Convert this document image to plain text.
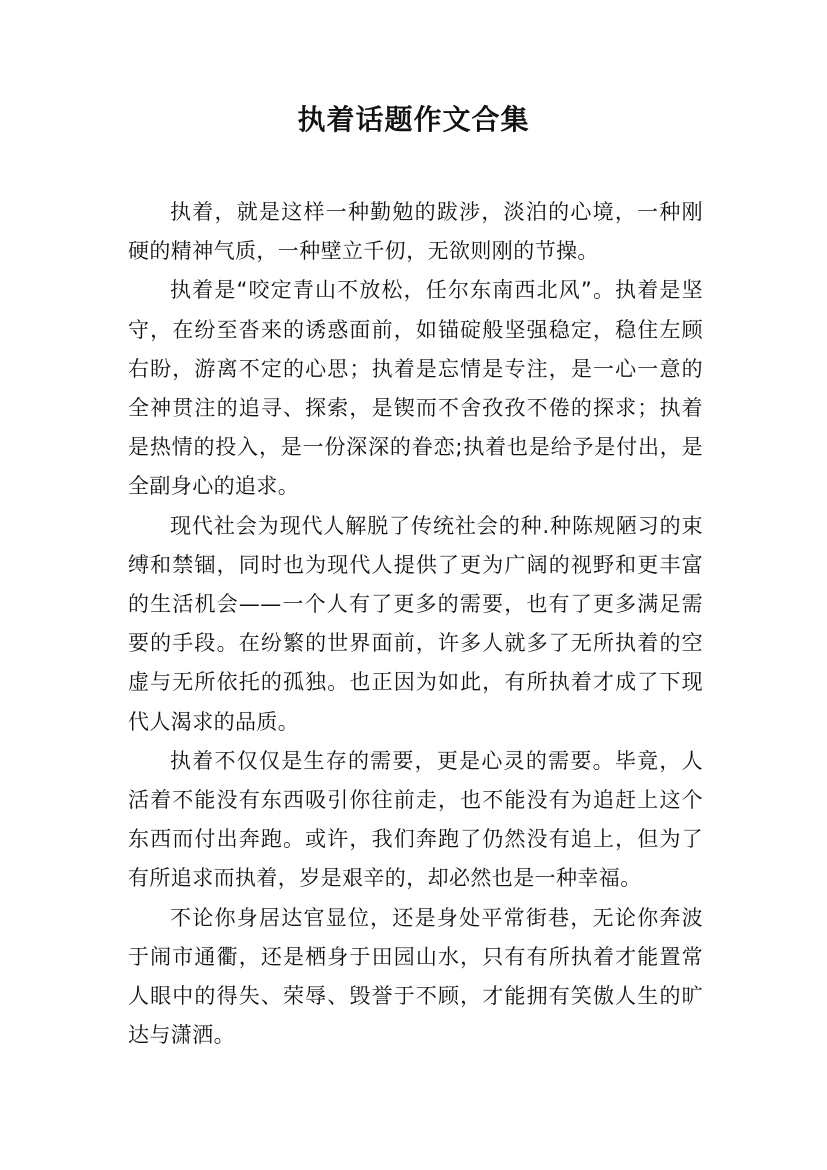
执着话题作文合集

执着，就是这样一种勤勉的跋涉，淡泊的心境，一种刚硬的精神气质，一种壁立千仞，无欲则刚的节操。

执着是“咬定青山不放松，任尔东南西北风”。执着是坚守，在纷至沓来的诱惑面前，如锚碇般坚强稳定，稳住左顾右盼，游离不定的心思；执着是忘情是专注，是一心一意的全神贯注的追寻、探索，是锲而不舍孜孜不倦的探求；执着是热情的投入，是一份深深的眷恋;执着也是给予是付出，是全副身心的追求。

现代社会为现代人解脱了传统社会的种.种陈规陋习的束缚和禁锢，同时也为现代人提供了更为广阔的视野和更丰富的生活机会——一个人有了更多的需要，也有了更多满足需要的手段。在纷繁的世界面前，许多人就多了无所执着的空虚与无所依托的孤独。也正因为如此，有所执着才成了下现代人渴求的品质。

执着不仅仅是生存的需要，更是心灵的需要。毕竟，人活着不能没有东西吸引你往前走，也不能没有为追赶上这个东西而付出奔跑。或许，我们奔跑了仍然没有追上，但为了有所追求而执着，岁是艰辛的，却必然也是一种幸福。

不论你身居达官显位，还是身处平常街巷，无论你奔波于闹市通衢，还是栖身于田园山水，只有有所执着才能置常人眼中的得失、荣辱、毁誉于不顾，才能拥有笑傲人生的旷达与潇洒。
